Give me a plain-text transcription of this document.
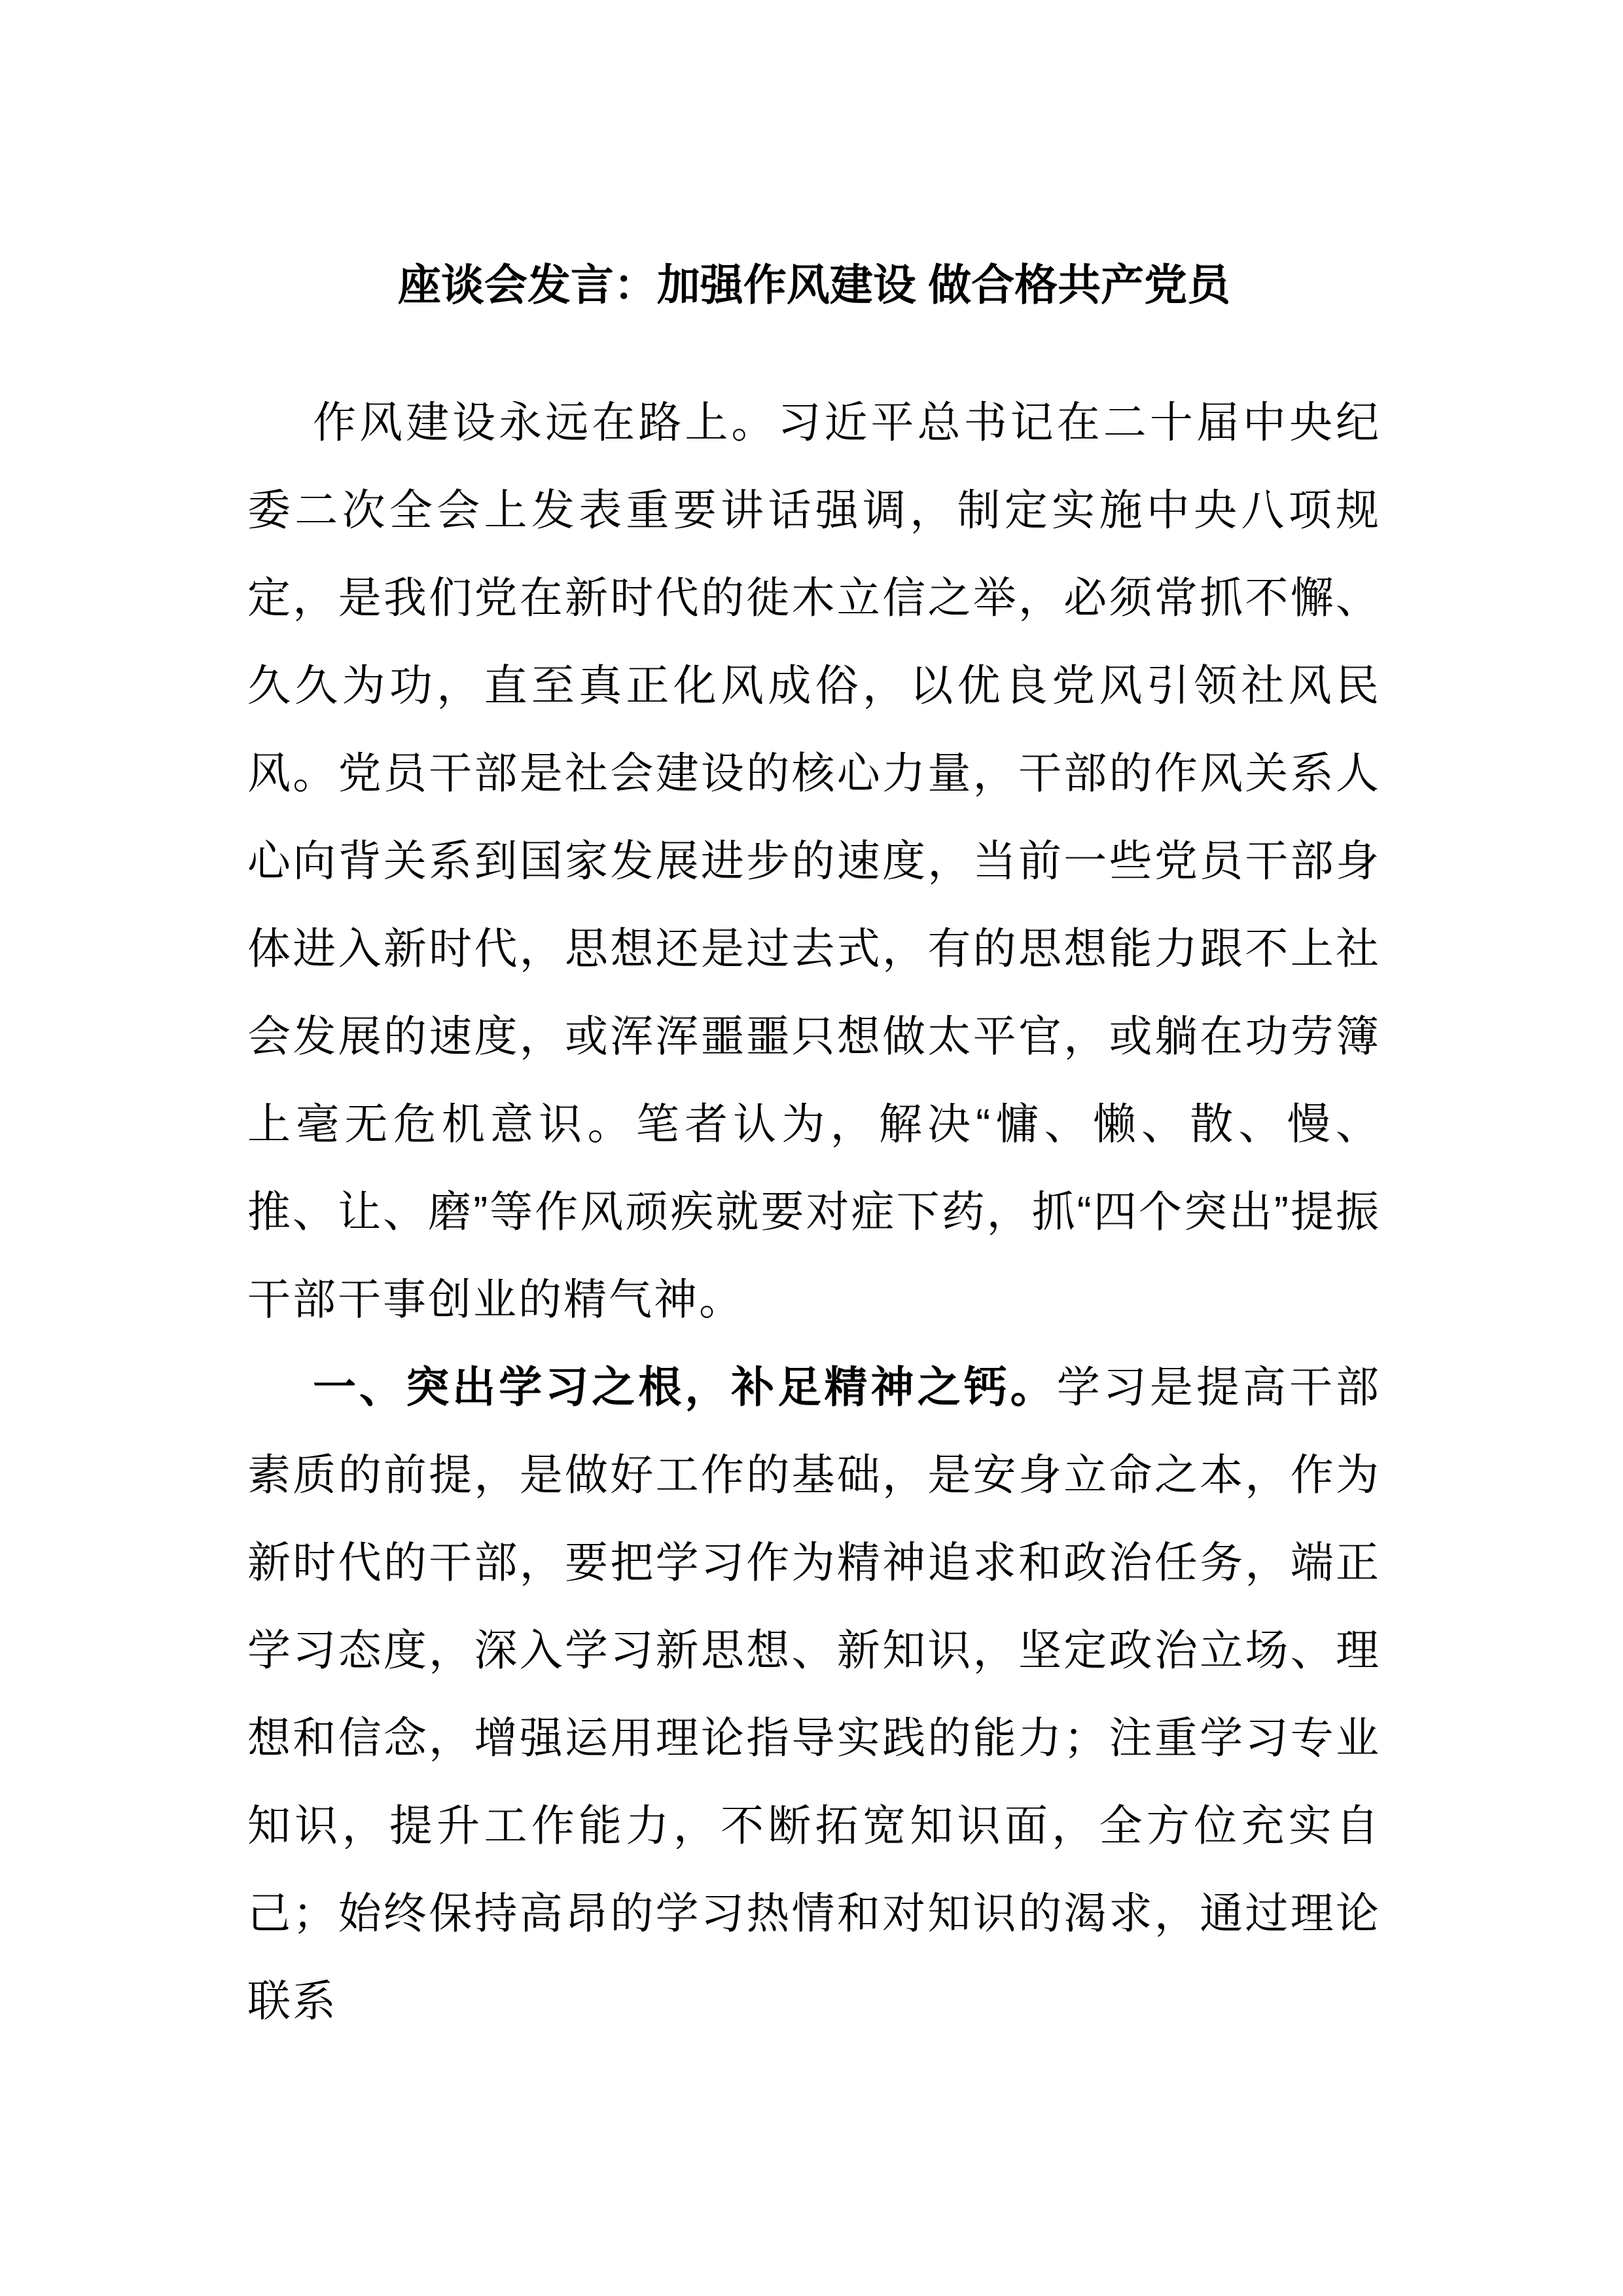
座谈会发言：加强作风建设 做合格共产党员

作风建设永远在路上。习近平总书记在二十届中央纪委二次全会上发表重要讲话强调，制定实施中央八项规定，是我们党在新时代的徙木立信之举，必须常抓不懈、久久为功，直至真正化风成俗，以优良党风引领社风民风。党员干部是社会建设的核心力量，干部的作风关系人心向背关系到国家发展进步的速度，当前一些党员干部身体进入新时代，思想还是过去式，有的思想能力跟不上社会发展的速度，或浑浑噩噩只想做太平官，或躺在功劳簿上毫无危机意识。笔者认为，解决“慵、懒、散、慢、推、让、磨”等作风顽疾就要对症下药，抓“四个突出”提振干部干事创业的精气神。

一、突出学习之根，补足精神之钙。学习是提高干部素质的前提，是做好工作的基础，是安身立命之本，作为新时代的干部，要把学习作为精神追求和政治任务，端正学习态度，深入学习新思想、新知识，坚定政治立场、理想和信念，增强运用理论指导实践的能力；注重学习专业知识，提升工作能力，不断拓宽知识面，全方位充实自己；始终保持高昂的学习热情和对知识的渴求，通过理论联系
